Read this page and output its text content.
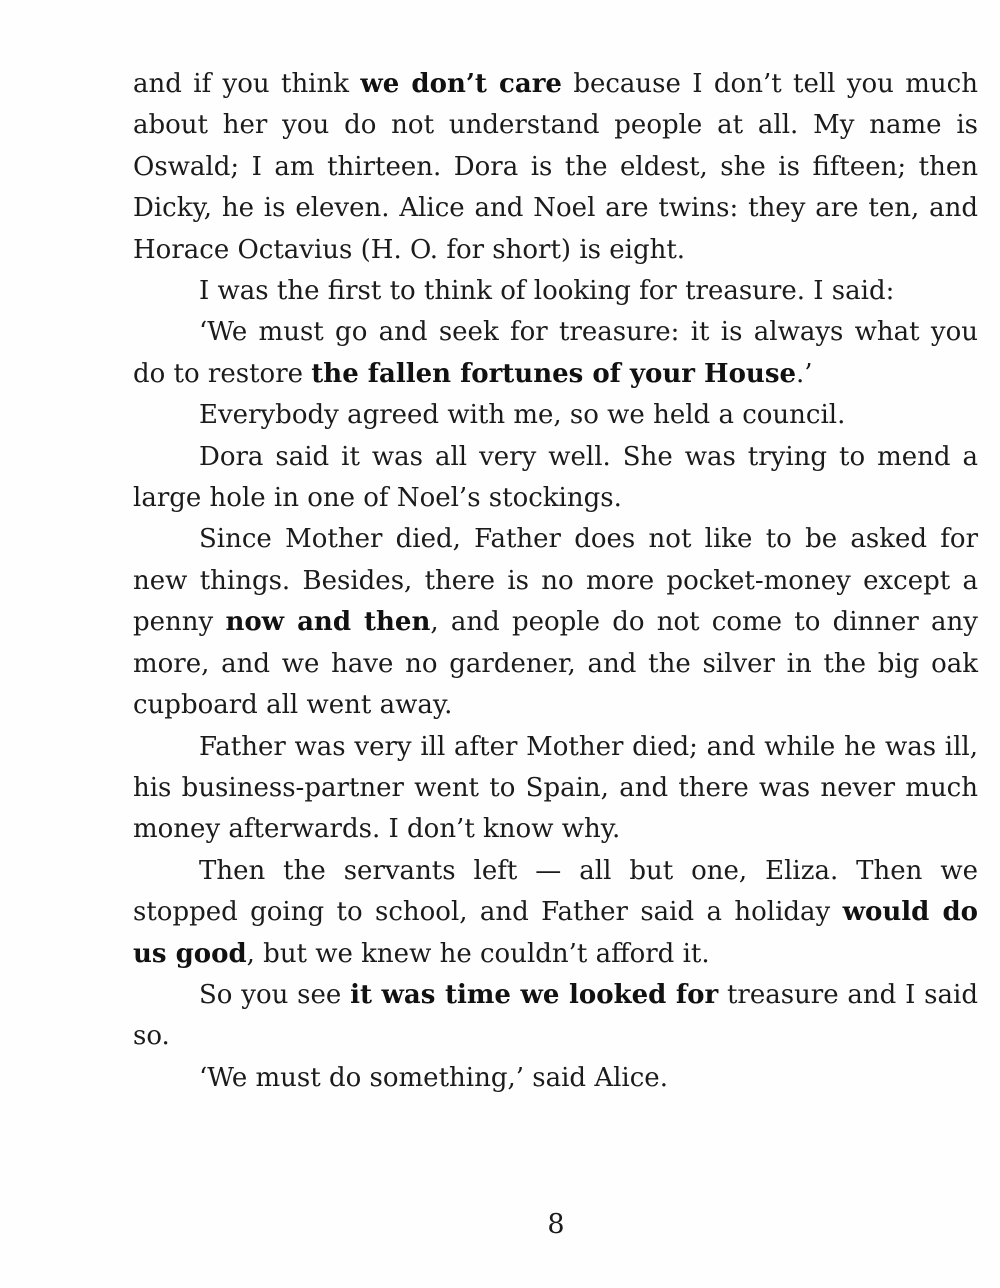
and if you think we don’t care because I don’t tell you much about her you do not understand people at all. My name is Oswald; I am thirteen. Dora is the eldest, she is fifteen; then Dicky, he is eleven. Alice and Noel are twins: they are ten, and Horace Octavius (H. O. for short) is eight.

I was the first to think of looking for treasure. I said:

‘We must go and seek for treasure: it is always what you do to restore the fallen fortunes of your House.’

Everybody agreed with me, so we held a council.

Dora said it was all very well. She was trying to mend a large hole in one of Noel’s stockings.

Since Mother died, Father does not like to be asked for new things. Besides, there is no more pocket-money except a penny now and then, and people do not come to dinner any more, and we have no gardener, and the silver in the big oak cupboard all went away.

Father was very ill after Mother died; and while he was ill, his business-partner went to Spain, and there was never much money afterwards. I don’t know why.

Then the servants left — all but one, Eliza. Then we stopped going to school, and Father said a holiday would do us good, but we knew he couldn’t afford it.

So you see it was time we looked for treasure and I said so.

‘We must do something,’ said Alice.

8
